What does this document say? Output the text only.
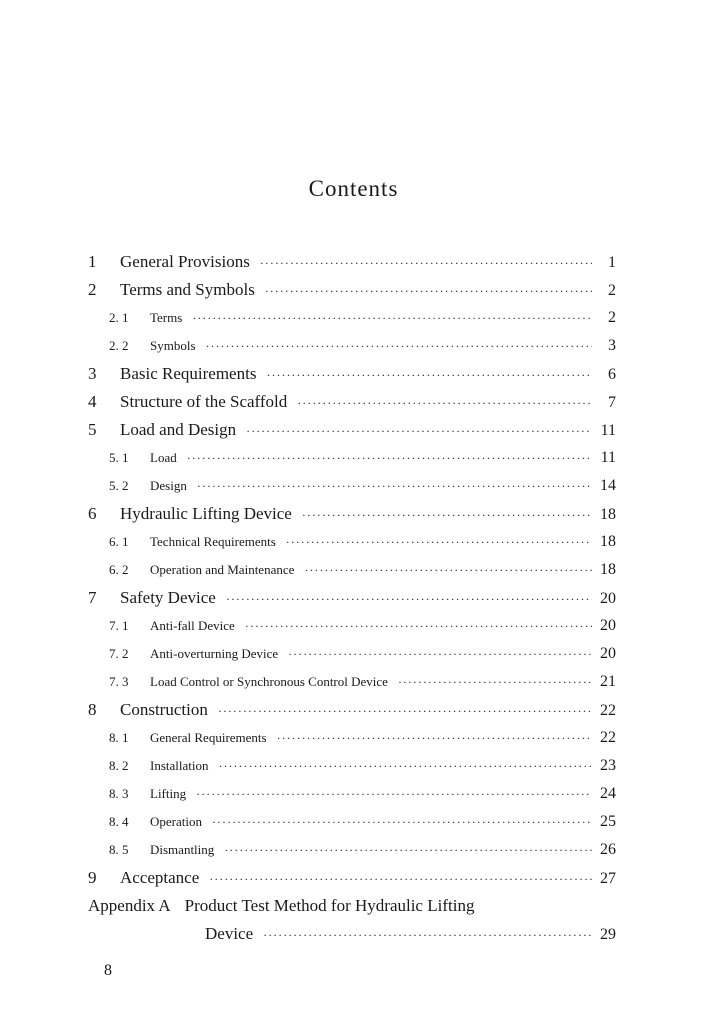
Contents
1	General Provisions ·····	1
2	Terms and Symbols ·····	2
2. 1	Terms ·····	2
2. 2	Symbols ·····	3
3	Basic Requirements ·····	6
4	Structure of the Scaffold ·····	7
5	Load and Design ·····	11
5. 1	Load ·····	11
5. 2	Design ·····	14
6	Hydraulic Lifting Device ·····	18
6. 1	Technical Requirements ·····	18
6. 2	Operation and Maintenance ·····	18
7	Safety Device ·····	20
7. 1	Anti-fall Device ·····	20
7. 2	Anti-overturning Device ·····	20
7. 3	Load Control or Synchronous Control Device ·····	21
8	Construction ·····	22
8. 1	General Requirements ·····	22
8. 2	Installation ·····	23
8. 3	Lifting ·····	24
8. 4	Operation ·····	25
8. 5	Dismantling ·····	26
9	Acceptance ·····	27
Appendix A Product Test Method for Hydraulic Lifting
Device ·····	29
8
